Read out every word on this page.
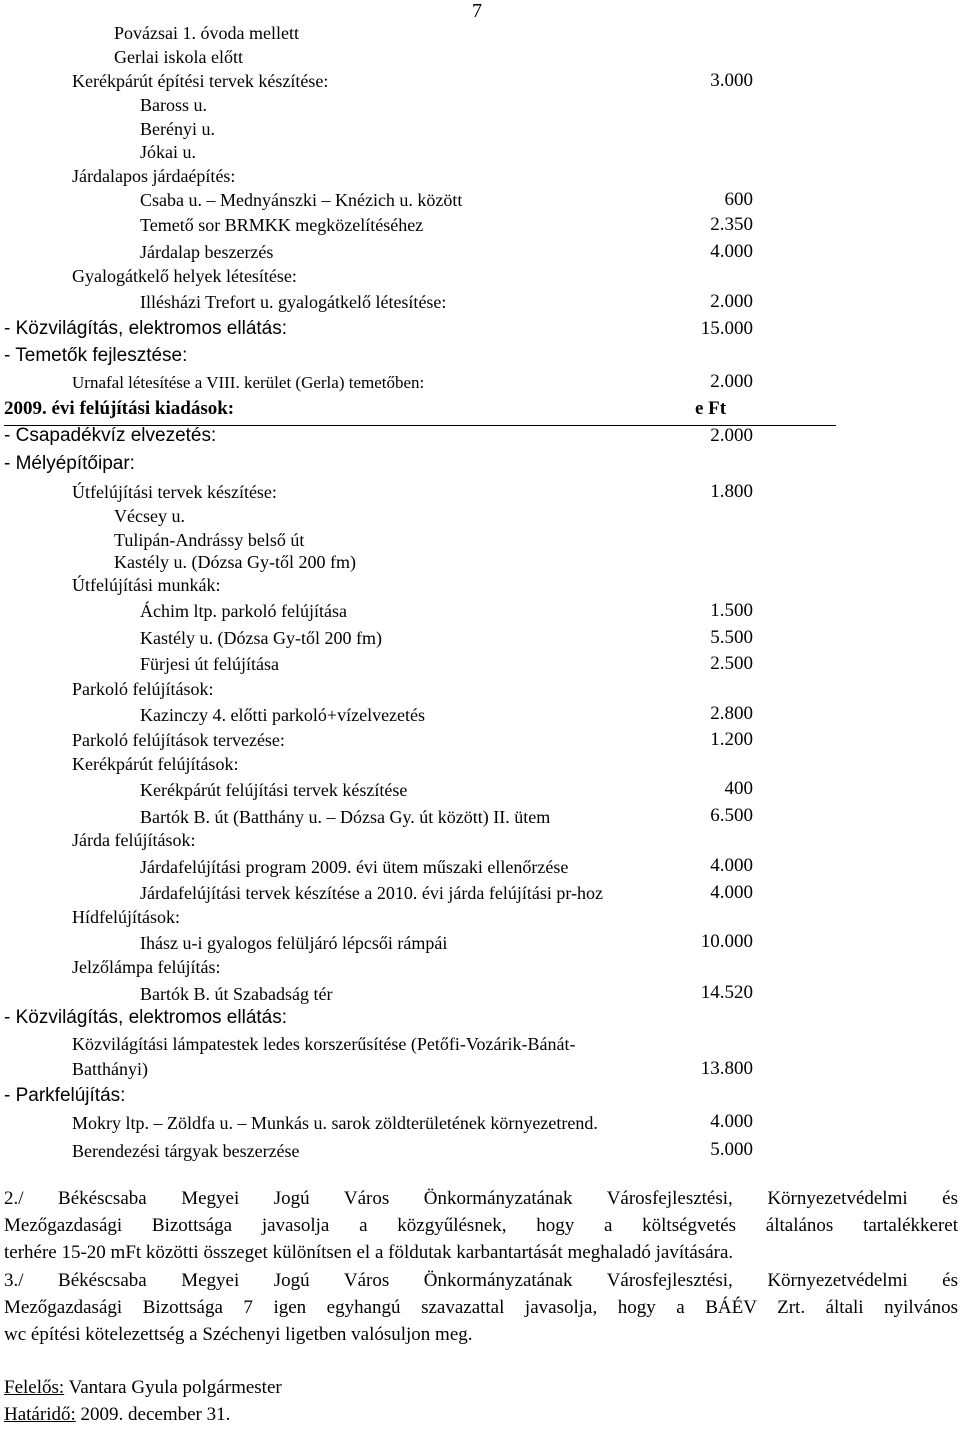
7
Povázsai 1. óvoda mellett
Gerlai iskola előtt
Kerékpárút építési tervek készítése:	3.000
Baross u.
Berényi u.
Jókai u.
Járdalapos járdaépítés:
Csaba u. – Mednyánszki – Knézich u. között	600
Temető sor BRMKK megközelítéséhez	2.350
Járdalap beszerzés	4.000
Gyalogátkelő helyek létesítése:
Illésházi Trefort u. gyalogátkelő létesítése:	2.000
- Közvilágítás, elektromos ellátás:	15.000
- Temetők fejlesztése:
Urnafal létesítése a VIII. kerület (Gerla) temetőben:	2.000
2009. évi felújítási kiadások:	e Ft
- Csapadékvíz elvezetés:	2.000
- Mélyépítőipar:
Útfelújítási tervek készítése:	1.800
Vécsey u.
Tulipán-Andrássy belső út
Kastély u. (Dózsa Gy-től 200 fm)
Útfelújítási munkák:
Áchim ltp. parkoló felújítása	1.500
Kastély u. (Dózsa Gy-től 200 fm)	5.500
Fürjesi út felújítása	2.500
Parkoló felújítások:
Kazinczy 4. előtti parkoló+vízelvezetés	2.800
Parkoló felújítások tervezése:	1.200
Kerékpárút felújítások:
Kerékpárút felújítási tervek készítése	400
Bartók B. út (Batthány u. – Dózsa Gy. út között) II. ütem	6.500
Járda felújítások:
Járdafelújítási program 2009. évi ütem műszaki ellenőrzése	4.000
Járdafelújítási tervek készítése a 2010. évi járda felújítási pr-hoz	4.000
Hídfelújítások:
Ihász u-i gyalogos felüljáró lépcsői rámpái	10.000
Jelzőlámpa felújítás:
Bartók B. út Szabadság tér	14.520
- Közvilágítás, elektromos ellátás:
Közvilágítási lámpatestek ledes korszerűsítése (Petőfi-Vozárik-Bánát-
Batthányi)	13.800
- Parkfelújítás:
Mokry ltp. – Zöldfa u. – Munkás u. sarok zöldterületének környezetrend.	4.000
Berendezési tárgyak beszerzése	5.000
2./ Békéscsaba Megyei Jogú Város Önkormányzatának Városfejlesztési, Környezetvédelmi és
Mezőgazdasági Bizottsága javasolja a közgyűlésnek, hogy a költségvetés általános tartalékkeret
terhére 15-20 mFt közötti összeget különítsen el a földutak karbantartását meghaladó javítására.
3./ Békéscsaba Megyei Jogú Város Önkormányzatának Városfejlesztési, Környezetvédelmi és
Mezőgazdasági Bizottsága 7 igen egyhangú szavazattal javasolja, hogy a BÁÉV Zrt. általi nyilvános
wc építési kötelezettség a Széchenyi ligetben valósuljon meg.
Felelős: Vantara Gyula polgármester
Határidő: 2009. december 31.
